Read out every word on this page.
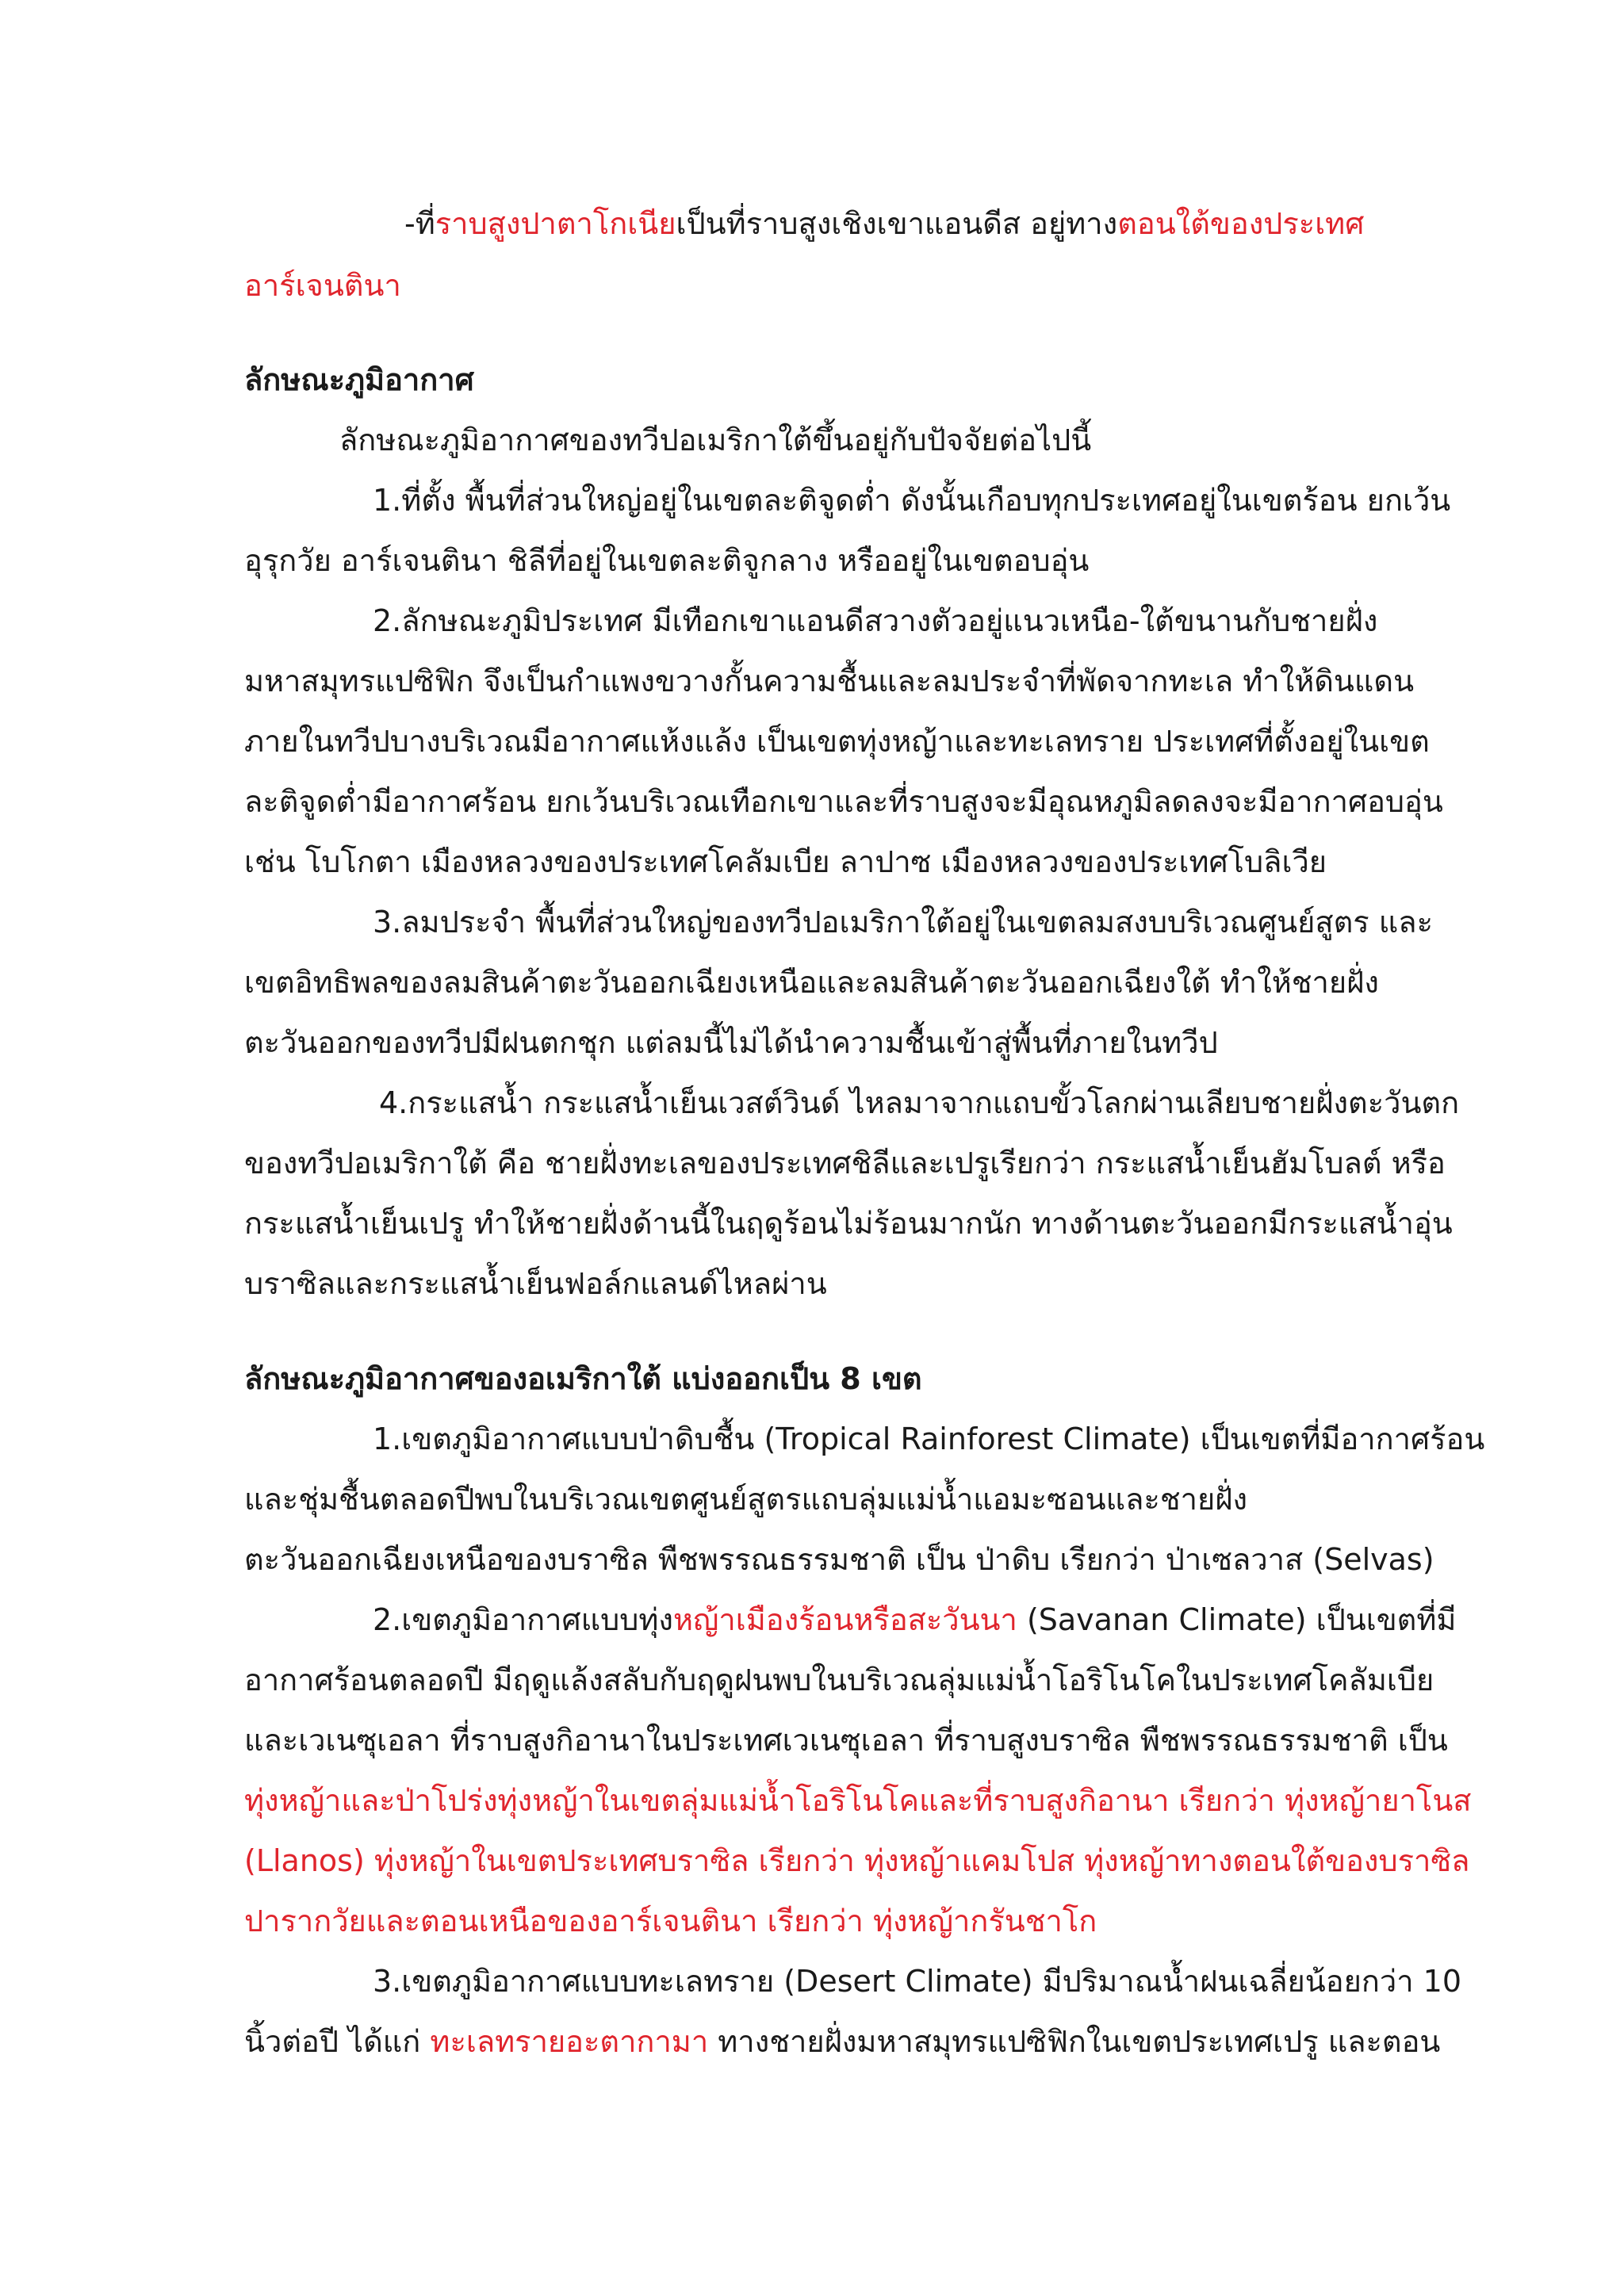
-ที่ราบสูงปาตาโกเนียเป็นที่ราบสูงเชิงเขาแอนดีส อยู่ทางตอนใต้ของประเทศ
อาร์เจนตินา
ลักษณะภูมิอากาศ
ลักษณะภูมิอากาศของทวีปอเมริกาใต้ขึ้นอยู่กับปัจจัยต่อไปนี้
1.ที่ตั้ง พื้นที่ส่วนใหญ่อยู่ในเขตละติจูดต่ำ ดังนั้นเกือบทุกประเทศอยู่ในเขตร้อน ยกเว้น
อุรุกวัย อาร์เจนตินา ชิลีที่อยู่ในเขตละติจูกลาง หรืออยู่ในเขตอบอุ่น
2.ลักษณะภูมิประเทศ มีเทือกเขาแอนดีสวางตัวอยู่แนวเหนือ-ใต้ขนานกับชายฝั่ง
มหาสมุทรแปซิฟิก จึงเป็นกำแพงขวางกั้นความชื้นและลมประจำที่พัดจากทะเล ทำให้ดินแดน
ภายในทวีปบางบริเวณมีอากาศแห้งแล้ง เป็นเขตทุ่งหญ้าและทะเลทราย ประเทศที่ตั้งอยู่ในเขต
ละติจูดต่ำมีอากาศร้อน ยกเว้นบริเวณเทือกเขาและที่ราบสูงจะมีอุณหภูมิลดลงจะมีอากาศอบอุ่น
เช่น โบโกตา เมืองหลวงของประเทศโคลัมเบีย ลาปาซ เมืองหลวงของประเทศโบลิเวีย
3.ลมประจำ พื้นที่ส่วนใหญ่ของทวีปอเมริกาใต้อยู่ในเขตลมสงบบริเวณศูนย์สูตร และ
เขตอิทธิพลของลมสินค้าตะวันออกเฉียงเหนือและลมสินค้าตะวันออกเฉียงใต้ ทำให้ชายฝั่ง
ตะวันออกของทวีปมีฝนตกชุก แต่ลมนี้ไม่ได้นำความชื้นเข้าสู่พื้นที่ภายในทวีป
4.กระแสน้ำ กระแสน้ำเย็นเวสต์วินด์ ไหลมาจากแถบขั้วโลกผ่านเลียบชายฝั่งตะวันตก
ของทวีปอเมริกาใต้ คือ ชายฝั่งทะเลของประเทศชิลีและเปรูเรียกว่า กระแสน้ำเย็นฮัมโบลต์ หรือ
กระแสน้ำเย็นเปรู ทำให้ชายฝั่งด้านนี้ในฤดูร้อนไม่ร้อนมากนัก ทางด้านตะวันออกมีกระแสน้ำอุ่น
บราซิลและกระแสน้ำเย็นฟอล์กแลนด์ไหลผ่าน
ลักษณะภูมิอากาศของอเมริกาใต้ แบ่งออกเป็น 8 เขต
1.เขตภูมิอากาศแบบป่าดิบชื้น (Tropical Rainforest Climate) เป็นเขตที่มีอากาศร้อน
และชุ่มชื้นตลอดปีพบในบริเวณเขตศูนย์สูตรแถบลุ่มแม่น้ำแอมะซอนและชายฝั่ง
ตะวันออกเฉียงเหนือของบราซิล พืชพรรณธรรมชาติ เป็น ป่าดิบ เรียกว่า ป่าเซลวาส (Selvas)
2.เขตภูมิอากาศแบบทุ่งหญ้าเมืองร้อนหรือสะวันนา (Savanan Climate) เป็นเขตที่มี
อากาศร้อนตลอดปี มีฤดูแล้งสลับกับฤดูฝนพบในบริเวณลุ่มแม่น้ำโอริโนโคในประเทศโคลัมเบีย
และเวเนซุเอลา ที่ราบสูงกิอานาในประเทศเวเนซุเอลา ที่ราบสูงบราซิล พืชพรรณธรรมชาติ เป็น
ทุ่งหญ้าและป่าโปร่งทุ่งหญ้าในเขตลุ่มแม่น้ำโอริโนโคและที่ราบสูงกิอานา เรียกว่า ทุ่งหญ้ายาโนส
(Llanos) ทุ่งหญ้าในเขตประเทศบราซิล เรียกว่า ทุ่งหญ้าแคมโปส ทุ่งหญ้าทางตอนใต้ของบราซิล
ปารากวัยและตอนเหนือของอาร์เจนตินา เรียกว่า ทุ่งหญ้ากรันชาโก
3.เขตภูมิอากาศแบบทะเลทราย (Desert Climate) มีปริมาณน้ำฝนเฉลี่ยน้อยกว่า 10
นิ้วต่อปี ได้แก่ ทะเลทรายอะตากามา ทางชายฝั่งมหาสมุทรแปซิฟิกในเขตประเทศเปรู และตอน
